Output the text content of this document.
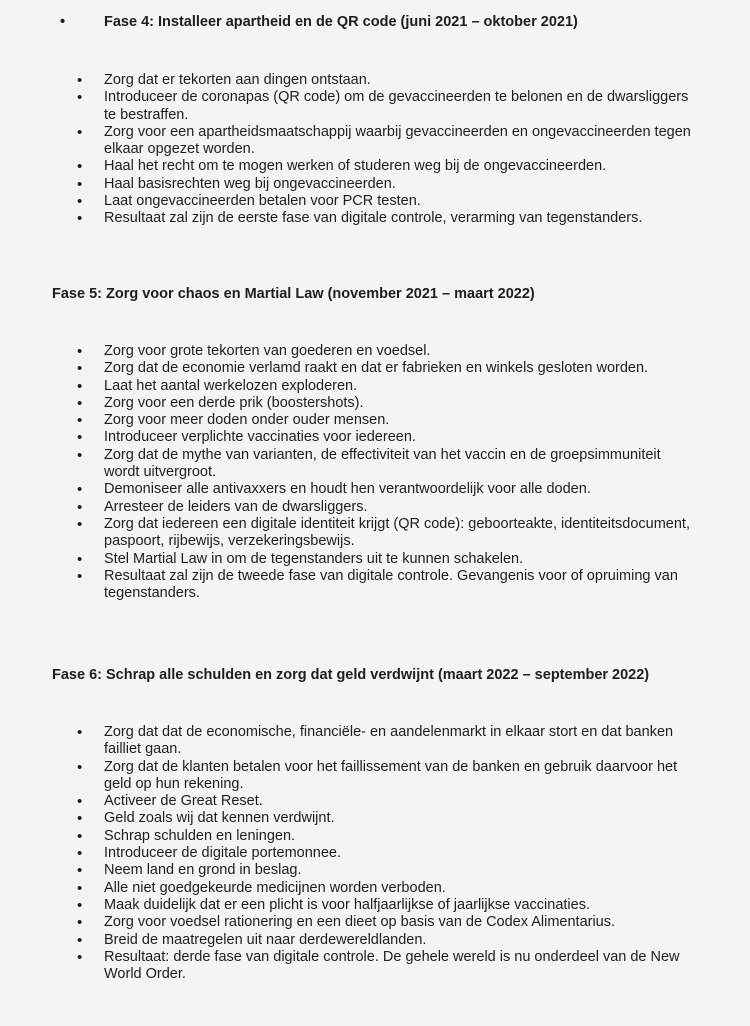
•	Fase 4: Installeer apartheid en de QR code (juni 2021 – oktober 2021)
• Zorg dat er tekorten aan dingen ontstaan.
• Introduceer de coronapas (QR code) om de gevaccineerden te belonen en de dwarsliggers te bestraffen.
• Zorg voor een apartheidsmaatschappij waarbij gevaccineerden en ongevaccineerden tegen elkaar opgezet worden.
• Haal het recht om te mogen werken of studeren weg bij de ongevaccineerden.
• Haal basisrechten weg bij ongevaccineerden.
• Laat ongevaccineerden betalen voor PCR testen.
• Resultaat zal zijn de eerste fase van digitale controle, verarming van tegenstanders.
Fase 5: Zorg voor chaos en Martial Law (november 2021 – maart 2022)
• Zorg voor grote tekorten van goederen en voedsel.
• Zorg dat de economie verlamd raakt en dat er fabrieken en winkels gesloten worden.
• Laat het aantal werkelozen exploderen.
• Zorg voor een derde prik (boostershots).
• Zorg voor meer doden onder ouder mensen.
• Introduceer verplichte vaccinaties voor iedereen.
• Zorg dat de mythe van varianten, de effectiviteit van het vaccin en de groepsimmuniteit wordt uitvergroot.
• Demoniseer alle antivaxxers en houdt hen verantwoordelijk voor alle doden.
• Arresteer de leiders van de dwarsliggers.
• Zorg dat iedereen een digitale identiteit krijgt (QR code): geboorteakte, identiteitsdocument, paspoort, rijbewijs, verzekeringsbewijs.
• Stel Martial Law in om de tegenstanders uit te kunnen schakelen.
• Resultaat zal zijn de tweede fase van digitale controle. Gevangenis voor of opruiming van tegenstanders.
Fase 6: Schrap alle schulden en zorg dat geld verdwijnt (maart 2022 – september 2022)
• Zorg dat dat de economische, financiële- en aandelenmarkt in elkaar stort en dat banken failliet gaan.
• Zorg dat de klanten betalen voor het faillissement van de banken en gebruik daarvoor het geld op hun rekening.
• Activeer de Great Reset.
• Geld zoals wij dat kennen verdwijnt.
• Schrap schulden en leningen.
• Introduceer de digitale portemonnee.
• Neem land en grond in beslag.
• Alle niet goedgekeurde medicijnen worden verboden.
• Maak duidelijk dat er een plicht is voor halfjaarlijkse of jaarlijkse vaccinaties.
• Zorg voor voedsel rationering en een dieet op basis van de Codex Alimentarius.
• Breid de maatregelen uit naar derdewereldlanden.
• Resultaat: derde fase van digitale controle. De gehele wereld is nu onderdeel van de New World Order.
